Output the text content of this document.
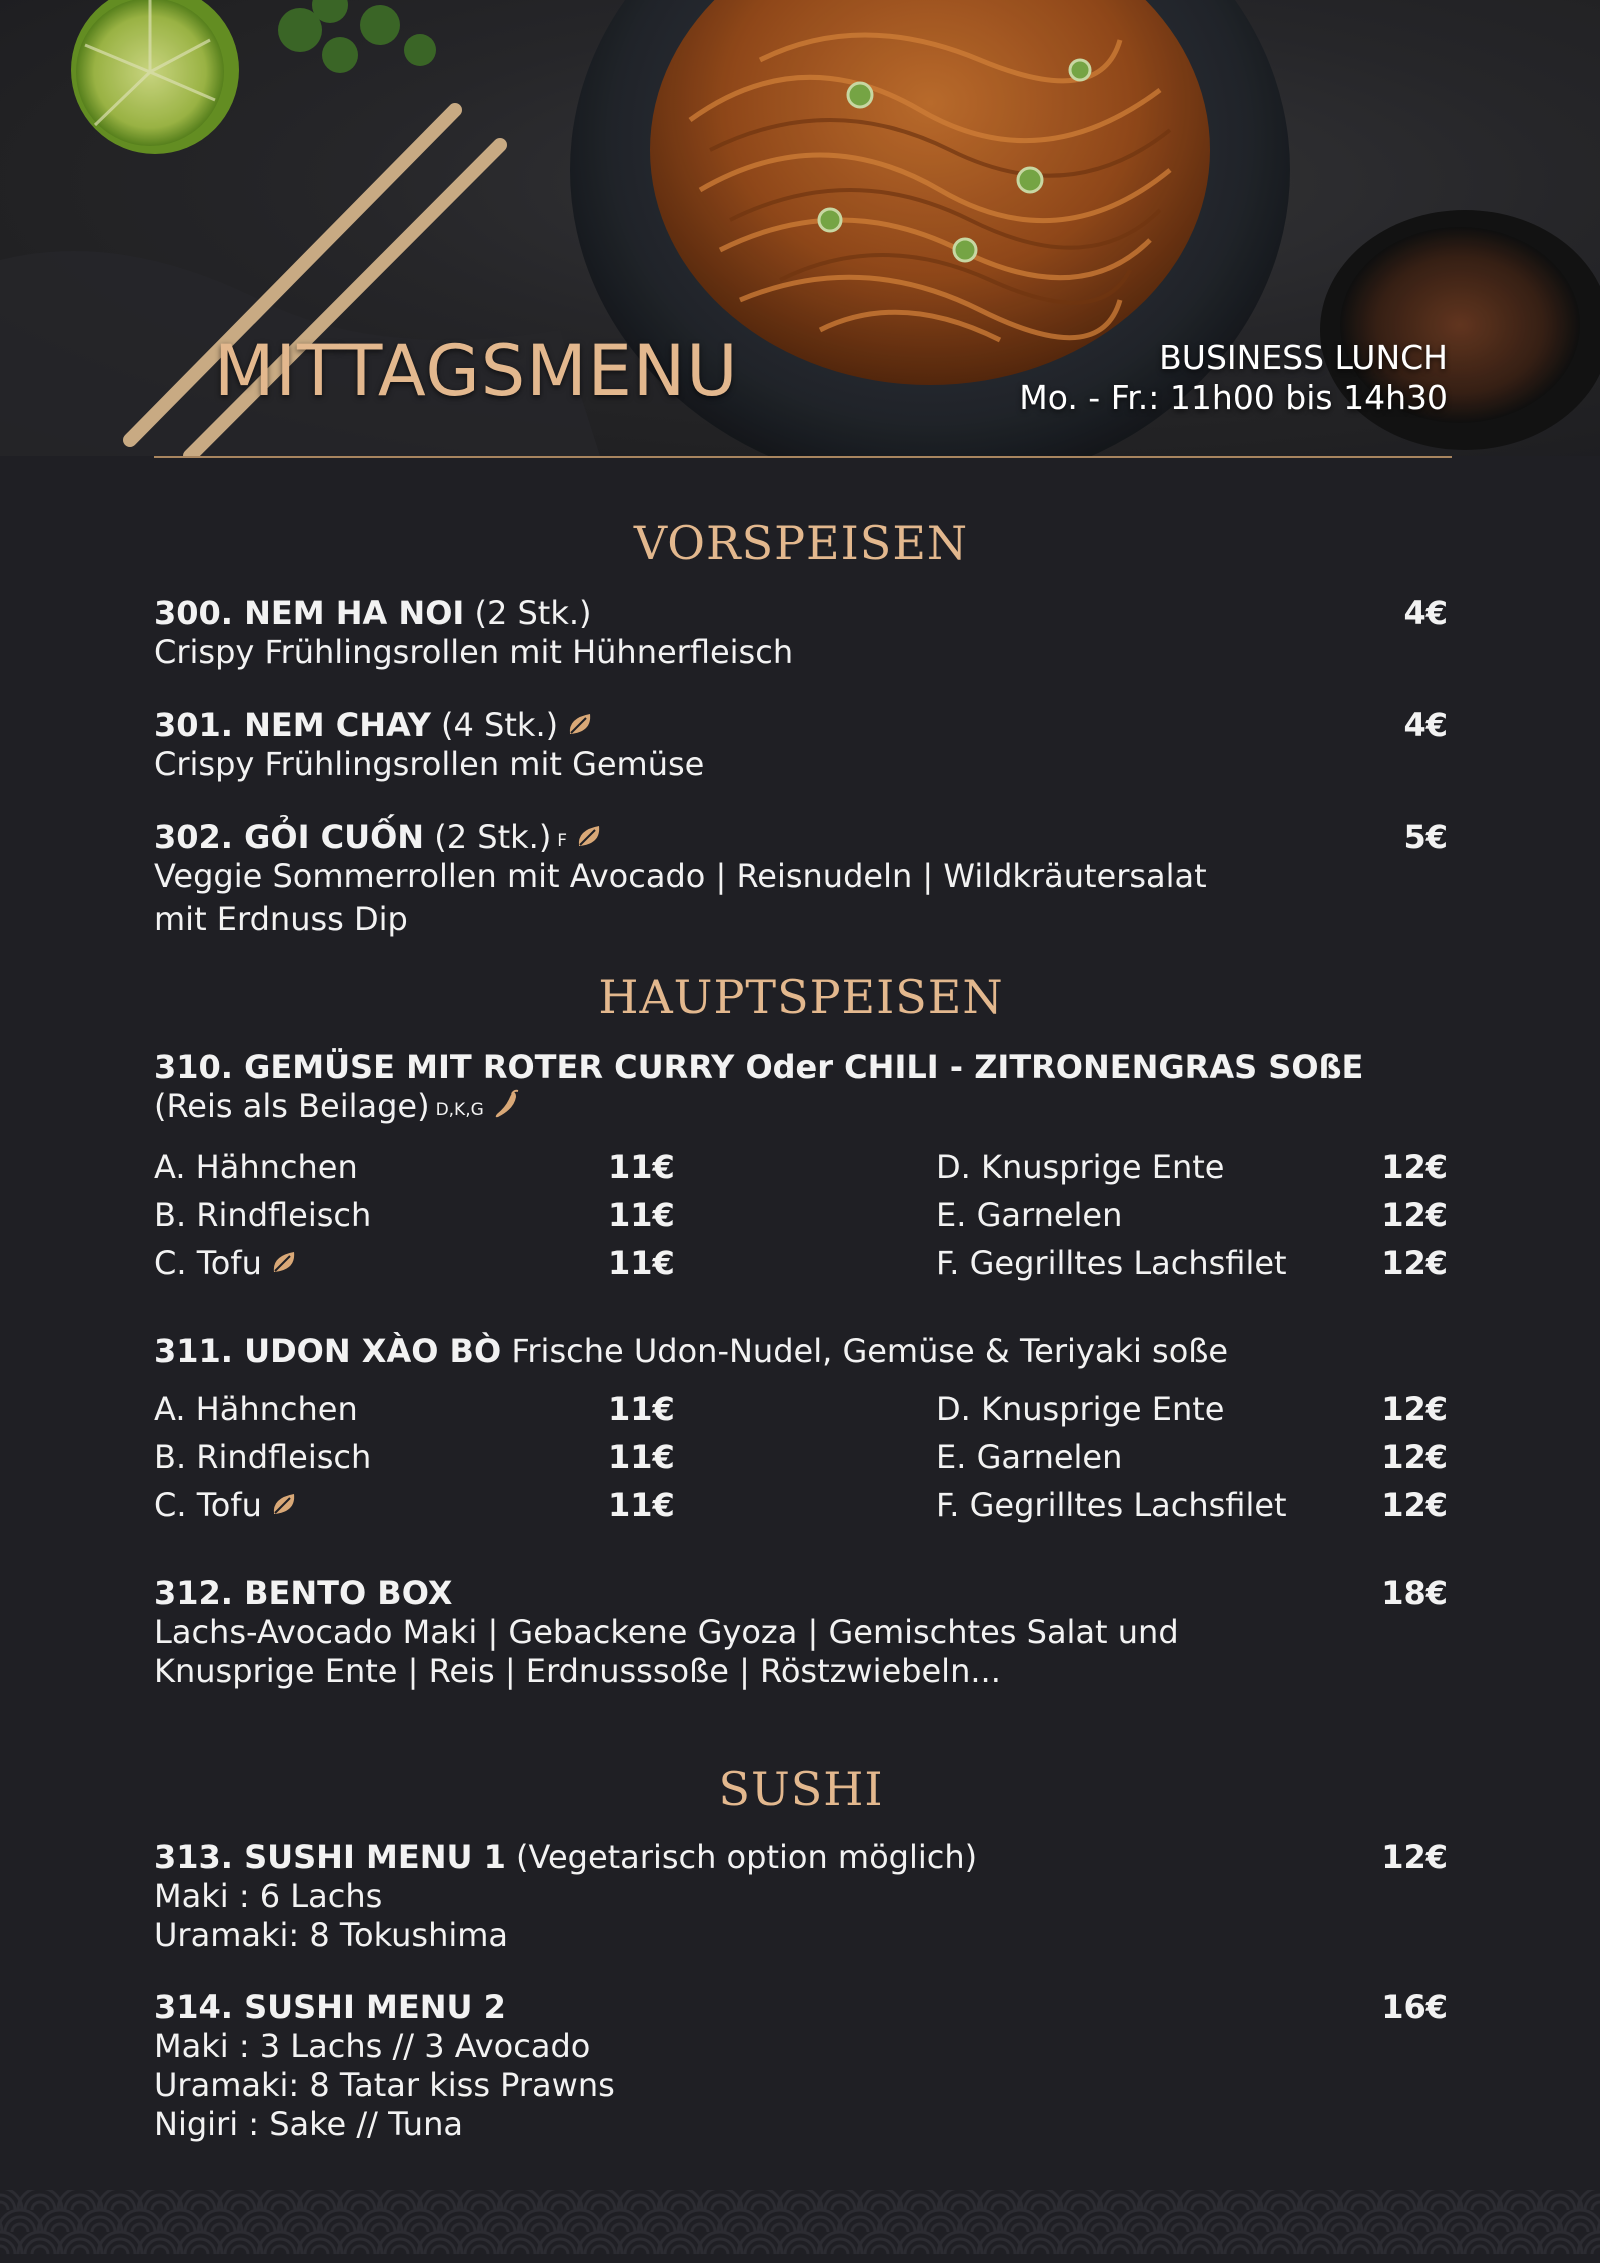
MITTAGSMENU	BUSINESS LUNCH
Mo. - Fr.: 11h00 bis 14h30
VORSPEISEN
300. NEM HA NOI (2 Stk.)	4€
Crispy Frühlingsrollen mit Hühnerfleisch
301. NEM CHAY (4 Stk.)	4€
Crispy Frühlingsrollen mit Gemüse
302. GỎI CUỐN (2 Stk.) $^F$	5€
Veggie Sommerrollen mit Avocado | Reisnudeln | Wildkräutersalat
mit Erdnuss Dip
HAUPTSPEISEN
310. GEMÜSE MIT ROTER CURRY Oder CHILI - ZITRONENGRAS SOßE
(Reis als Beilage) $^{D,K,G}$
A. Hähnchen	11€	D. Knusprige Ente	12€
B. Rindfleisch	11€	E. Garnelen	12€
C. Tofu	11€	F. Gegrilltes Lachsfilet	12€
311. UDON XÀO BÒ Frische Udon-Nudel, Gemüse & Teriyaki soße
A. Hähnchen	11€	D. Knusprige Ente	12€
B. Rindfleisch	11€	E. Garnelen	12€
C. Tofu	11€	F. Gegrilltes Lachsfilet	12€
312. BENTO BOX	18€
Lachs-Avocado Maki | Gebackene Gyoza | Gemischtes Salat und
Knusprige Ente | Reis | Erdnusssoße | Röstzwiebeln...
SUSHI
313. SUSHI MENU 1 (Vegetarisch option möglich)	12€
Maki : 6 Lachs
Uramaki: 8 Tokushima
314. SUSHI MENU 2	16€
Maki : 3 Lachs // 3 Avocado
Uramaki: 8 Tatar kiss Prawns
Nigiri : Sake // Tuna
